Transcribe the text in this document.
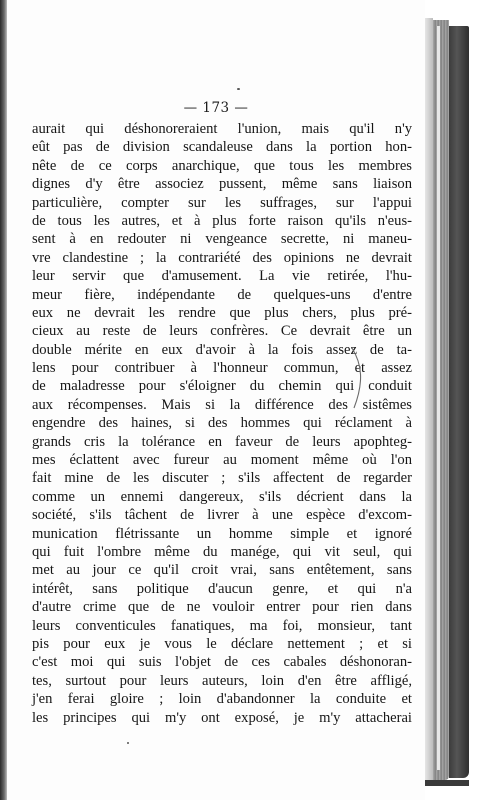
— 173 —
aurait qui déshonoreraient l'union, mais qu'il n'y
eût pas de division scandaleuse dans la portion hon-
nête de ce corps anarchique, que tous les membres
dignes d'y être associez pussent, même sans liaison
particulière, compter sur les suffrages, sur l'appui
de tous les autres, et à plus forte raison qu'ils n'eus-
sent à en redouter ni vengeance secrette, ni maneu-
vre clandestine ; la contrariété des opinions ne devrait
leur servir que d'amusement. La vie retirée, l'hu-
meur fière, indépendante de quelques-uns d'entre
eux ne devrait les rendre que plus chers, plus pré-
cieux au reste de leurs confrères. Ce devrait être un
double mérite en eux d'avoir à la fois assez de ta-
lens pour contribuer à l'honneur commun, et assez
de maladresse pour s'éloigner du chemin qui conduit
aux récompenses. Mais si la différence des sistêmes
engendre des haines, si des hommes qui réclament à
grands cris la tolérance en faveur de leurs apophteg-
mes éclattent avec fureur au moment même où l'on
fait mine de les discuter ; s'ils affectent de regarder
comme un ennemi dangereux, s'ils décrient dans la
société, s'ils tâchent de livrer à une espèce d'excom-
munication flétrissante un homme simple et ignoré
qui fuit l'ombre même du manége, qui vit seul, qui
met au jour ce qu'il croit vrai, sans entêtement, sans
intérêt, sans politique d'aucun genre, et qui n'a
d'autre crime que de ne vouloir entrer pour rien dans
leurs conventicules fanatiques, ma foi, monsieur, tant
pis pour eux je vous le déclare nettement ; et si
c'est moi qui suis l'objet de ces cabales déshonoran-
tes, surtout pour leurs auteurs, loin d'en être affligé,
j'en ferai gloire ; loin d'abandonner la conduite et
les principes qui m'y ont exposé, je m'y attacherai
